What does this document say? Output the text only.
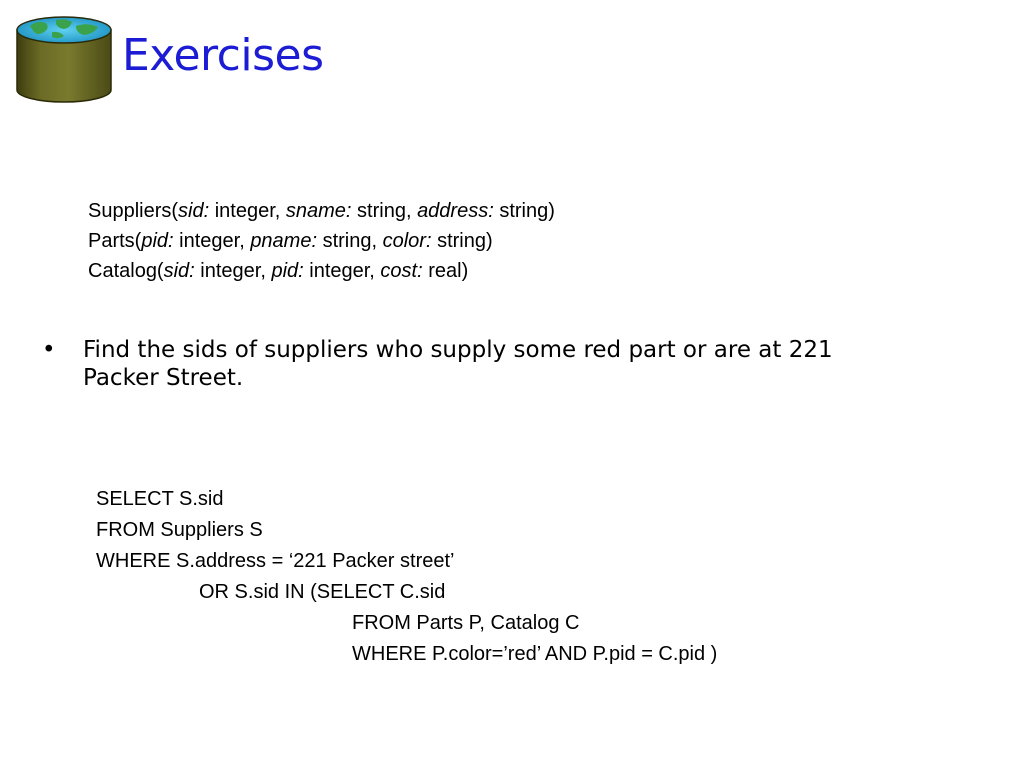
Exercises
Suppliers(sid: integer, sname: string, address: string)
Parts(pid: integer, pname: string, color: string)
Catalog(sid: integer, pid: integer, cost: real)
• Find the sids of suppliers who supply some red part or are at 221 Packer Street.
SELECT S.sid
FROM Suppliers S
WHERE S.address = ‘221 Packer street’
OR S.sid IN (SELECT C.sid
FROM Parts P, Catalog C
WHERE P.color=’red’ AND P.pid = C.pid )
